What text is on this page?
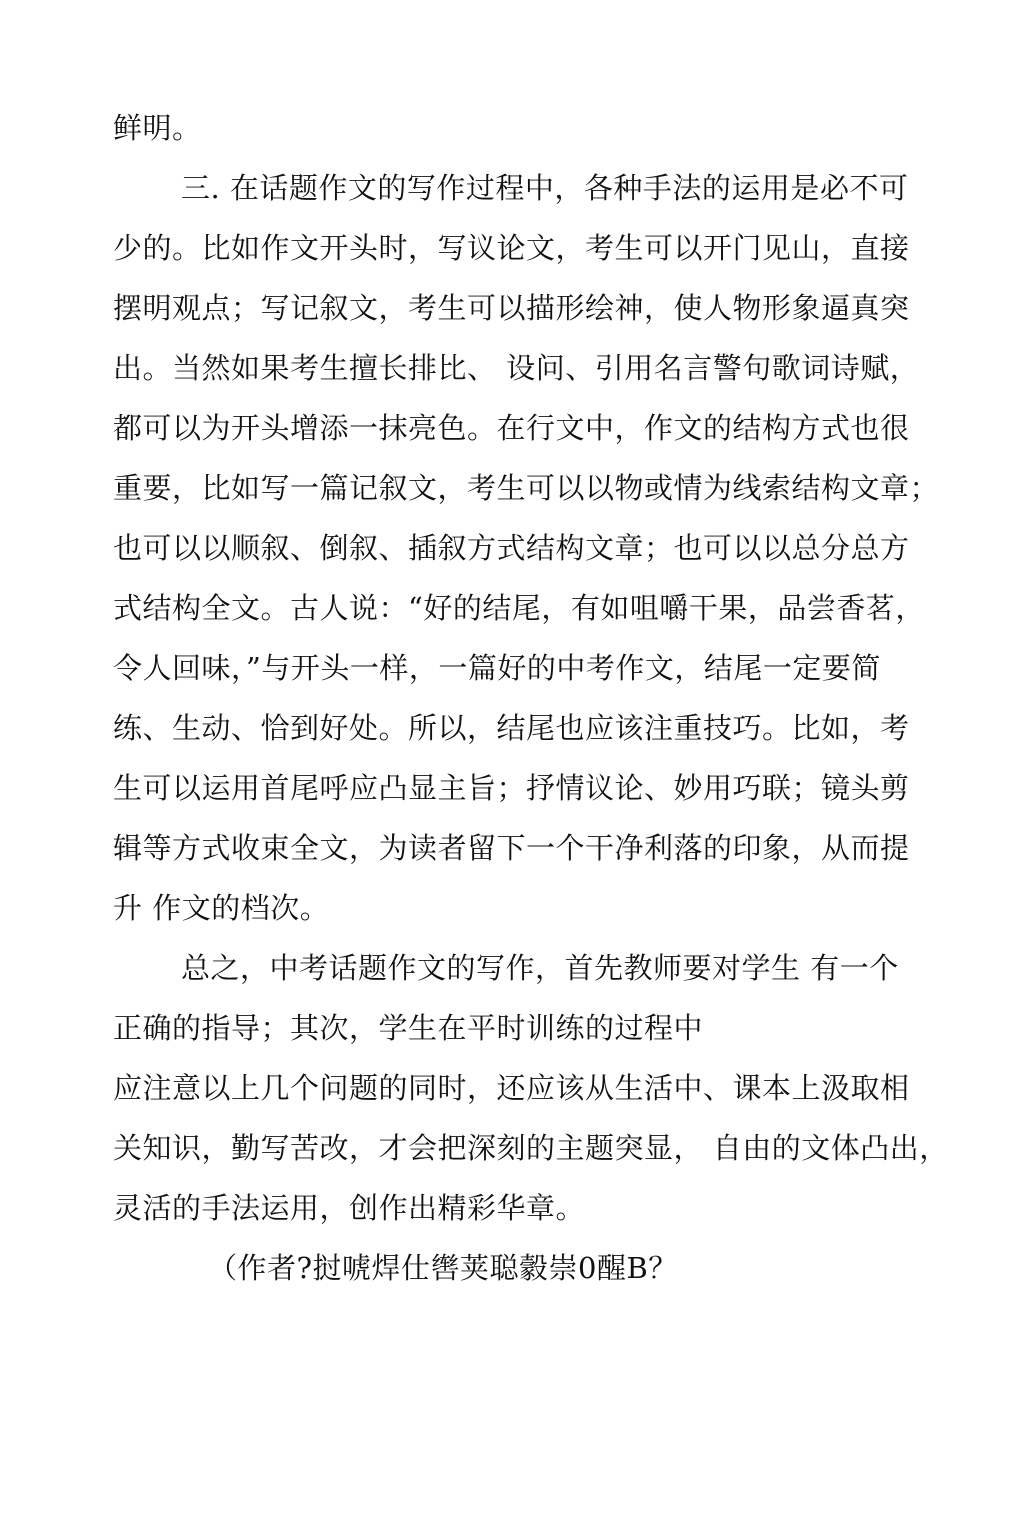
鲜明。
三. 在话题作文的写作过程中，各种手法的运用是必不可
少的。比如作文开头时，写议论文，考生可以开门见山，直接
摆明观点；写记叙文，考生可以描形绘神，使人物形象逼真突
出。当然如果考生擅长排比、 设问、引用名言警句歌词诗赋，
都可以为开头增添一抹亮色。在行文中，作文的结构方式也很
重要，比如写一篇记叙文，考生可以以物或情为线索结构文章；
也可以以顺叙、倒叙、插叙方式结构文章；也可以以总分总方
式结构全文。古人说：“好的结尾，有如咀嚼干果，品尝香茗，
令人回味，”与开头一样，一篇好的中考作文，结尾一定要简
练、生动、恰到好处。所以，结尾也应该注重技巧。比如，考
生可以运用首尾呼应凸显主旨；抒情议论、妙用巧联；镜头剪
辑等方式收束全文，为读者留下一个干净利落的印象，从而提
升 作文的档次。
总之，中考话题作文的写作，首先教师要对学生 有一个
正确的指导；其次，学生在平时训练的过程中
应注意以上几个问题的同时，还应该从生活中、课本上汲取相
关知识，勤写苦改，才会把深刻的主题突显， 自由的文体凸出，
灵活的手法运用，创作出精彩华章。
（作者?挝唬焊仕辔荚聪豰崇0醒B？
